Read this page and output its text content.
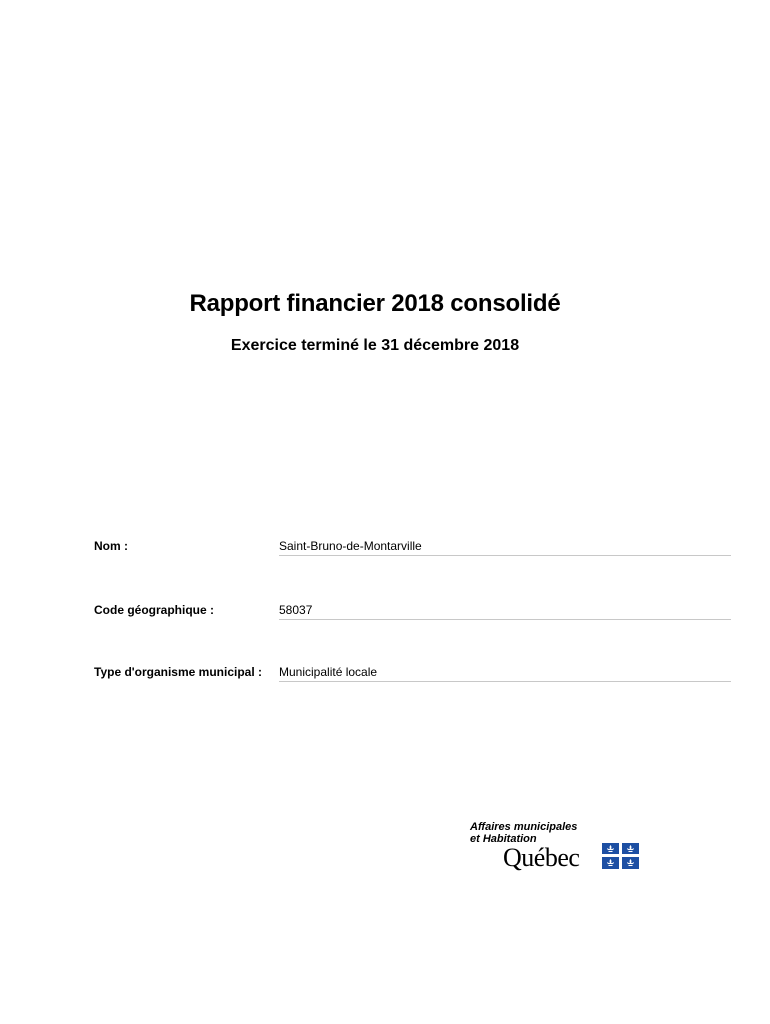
Rapport financier 2018 consolidé
Exercice terminé le 31 décembre 2018
Nom :	Saint-Bruno-de-Montarville
Code géographique :	58037
Type d'organisme municipal : Municipalité locale
Affaires municipales
et Habitation
Québec
